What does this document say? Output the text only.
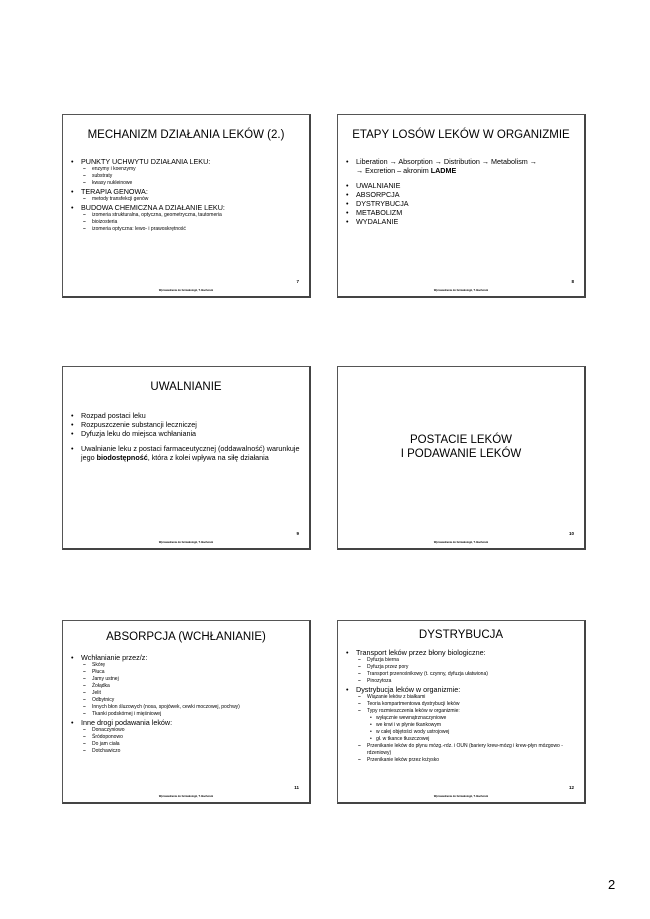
MECHANIZM DZIAŁANIA LEKÓW (2.)
• PUNKTY UCHWYTU DZIAŁANIA LEKU:
– enzymy i koenzymy
– substraty
– kwasy nukleinowe
• TERAPIA GENOWA:
– metody transfekcji genów
• BUDOWA CHEMICZNA A DZIAŁANIE LEKU:
– izomeria strukturalna, optyczna, geometryczna, tautomeria
– bioizosteria
– izomeria optyczna: lewo- i prawoskrętność
7
Wprowadzenie do farmakologii, T. Bachorek
ETAPY LOSÓW LEKÓW W ORGANIZMIE
• Liberation → Absorption → Distribution → Metabolism →
→ Excretion – akronim LADME
• UWALNIANIE
• ABSORPCJA
• DYSTRYBUCJA
• METABOLIZM
• WYDALANIE
8
Wprowadzenie do farmakologii, T. Bachorek
UWALNIANIE
• Rozpad postaci leku
• Rozpuszczenie substancji leczniczej
• Dyfuzja leku do miejsca wchłaniania
• Uwalnianie leku z postaci farmaceutycznej (oddawalność) warunkuje jego biodostępność, która z kolei wpływa na siłę działania
9
Wprowadzenie do farmakologii, T. Bachorek
POSTACIE LEKÓW
I PODAWANIE LEKÓW
10
Wprowadzenie do farmakologii, T. Bachorek
ABSORPCJA (WCHŁANIANIE)
• Wchłanianie przez/z:
– Skórę
– Płuca
– Jamy ustnej
– Żołądka
– Jelit
– Odbytnicy
– Innych błon śluzowych (nosa, spojówek, cewki moczowej, pochwy)
– Tkanki podskórnej i mięśniowej
• Inne drogi podawania leków:
– Donaczyniowo
– Śródoponowo
– Do jam ciała
– Dotchawiczo
11
Wprowadzenie do farmakologii, T. Bachorek
DYSTRYBUCJA
• Transport leków przez błony biologiczne:
– Dyfuzja bierna
– Dyfuzja przez pory
– Transport przenośnikowy (t. czynny, dyfuzja ułatwiona)
– Pinozytoza
• Dystrybucja leków w organizmie:
– Wiązanie leków z białkami
– Teoria kompartmentowa dystrybucji leków
– Typy rozmieszczenia leków w organizmie:
• wyłącznie wewnątrznaczyniowe
• we krwi i w płynie tkankowym
• w całej objętości wody ustrojowej
• gł. w tkance tłuszczowej
– Przenikanie leków do płynu mózg.-rdz. i OUN (bariery krew-mózg i krew-płyn mózgowo - rdzeniowy)
– Przenikanie leków przez łożysko
12
Wprowadzenie do farmakologii, T. Bachorek
2
